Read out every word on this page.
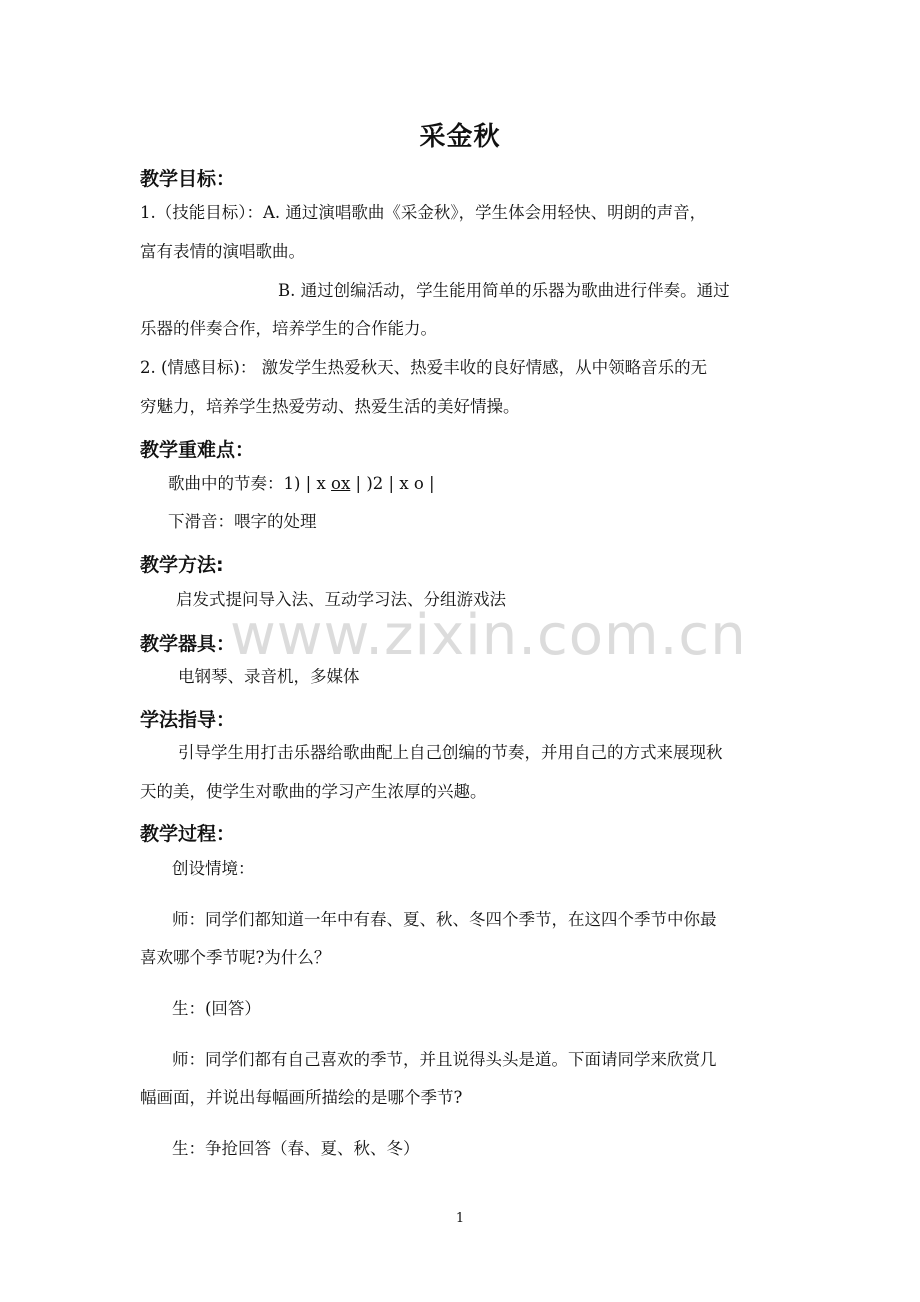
采金秋
教学目标：
1.（技能目标）：A. 通过演唱歌曲《采金秋》，学生体会用轻快、明朗的声音，
富有表情的演唱歌曲。
B. 通过创编活动，学生能用简单的乐器为歌曲进行伴奏。通过
乐器的伴奏合作，培养学生的合作能力。
2. (情感目标)： 激发学生热爱秋天、热爱丰收的良好情感，从中领略音乐的无
穷魅力，培养学生热爱劳动、热爱生活的美好情操。
教学重难点：
歌曲中的节奏：1) | x ox | )2 | x o |
下滑音：喂字的处理
教学方法:
启发式提问导入法、互动学习法、分组游戏法
教学器具：
电钢琴、录音机，多媒体
学法指导：
引导学生用打击乐器给歌曲配上自己创编的节奏，并用自己的方式来展现秋
天的美，使学生对歌曲的学习产生浓厚的兴趣。
教学过程：
创设情境：
师：同学们都知道一年中有春、夏、秋、冬四个季节，在这四个季节中你最
喜欢哪个季节呢?为什么？
生：(回答）
师：同学们都有自己喜欢的季节，并且说得头头是道。下面请同学来欣赏几
幅画面，并说出每幅画所描绘的是哪个季节?
生：争抢回答（春、夏、秋、冬）
www.zixin.com.cn
1
